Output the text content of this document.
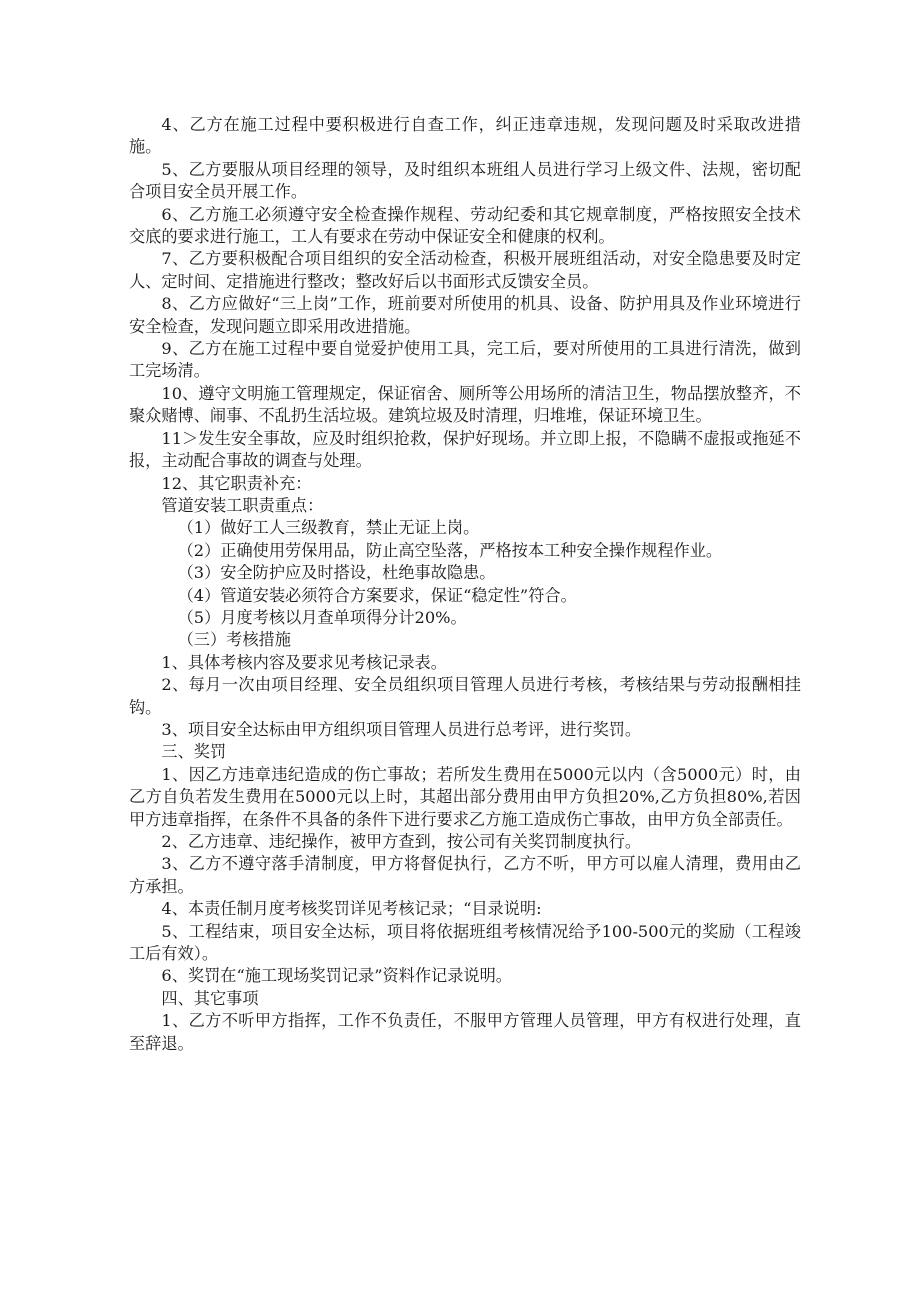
4、乙方在施工过程中要积极进行自查工作，纠正违章违规，发现问题及时采取改进措施。

5、乙方要服从项目经理的领导，及时组织本班组人员进行学习上级文件、法规，密切配合项目安全员开展工作。

6、乙方施工必须遵守安全检查操作规程、劳动纪委和其它规章制度，严格按照安全技术交底的要求进行施工，工人有要求在劳动中保证安全和健康的权利。

7、乙方要积极配合项目组织的安全活动检查，积极开展班组活动，对安全隐患要及时定人、定时间、定措施进行整改；整改好后以书面形式反馈安全员。

8、乙方应做好“三上岗”工作，班前要对所使用的机具、设备、防护用具及作业环境进行安全检查，发现问题立即采用改进措施。

9、乙方在施工过程中要自觉爱护使用工具，完工后，要对所使用的工具进行清洗，做到工完场清。

10、遵守文明施工管理规定，保证宿舍、厕所等公用场所的清洁卫生，物品摆放整齐，不聚众赌博、闹事、不乱扔生活垃圾。建筑垃圾及时清理，归堆堆，保证环境卫生。

11＞发生安全事故，应及时组织抢救，保护好现场。并立即上报，不隐瞒不虚报或拖延不报，主动配合事故的调查与处理。

12、其它职责补充：

管道安装工职责重点：

（1）做好工人三级教育，禁止无证上岗。

（2）正确使用劳保用品，防止高空坠落，严格按本工种安全操作规程作业。

（3）安全防护应及时搭设，杜绝事故隐患。

（4）管道安装必须符合方案要求，保证“稳定性”符合。

（5）月度考核以月查单项得分计20%。

（三）考核措施

1、具体考核内容及要求见考核记录表。

2、每月一次由项目经理、安全员组织项目管理人员进行考核，考核结果与劳动报酬相挂钩。

3、项目安全达标由甲方组织项目管理人员进行总考评，进行奖罚。

三、奖罚

1、因乙方违章违纪造成的伤亡事故；若所发生费用在5000元以内（含5000元）时，由乙方自负若发生费用在5000元以上时，其超出部分费用由甲方负担20%,乙方负担80%,若因甲方违章指挥，在条件不具备的条件下进行要求乙方施工造成伤亡事故，由甲方负全部责任。

2、乙方违章、违纪操作，被甲方查到，按公司有关奖罚制度执行。

3、乙方不遵守落手清制度，甲方将督促执行，乙方不听，甲方可以雇人清理，费用由乙方承担。

4、本责任制月度考核奖罚详见考核记录；“目录说明:

5、工程结束，项目安全达标，项目将依据班组考核情况给予100-500元的奖励（工程竣工后有效）。

6、奖罚在“施工现场奖罚记录”资料作记录说明。

四、其它事项

1、乙方不听甲方指挥，工作不负责任，不服甲方管理人员管理，甲方有权进行处理，直至辞退。
